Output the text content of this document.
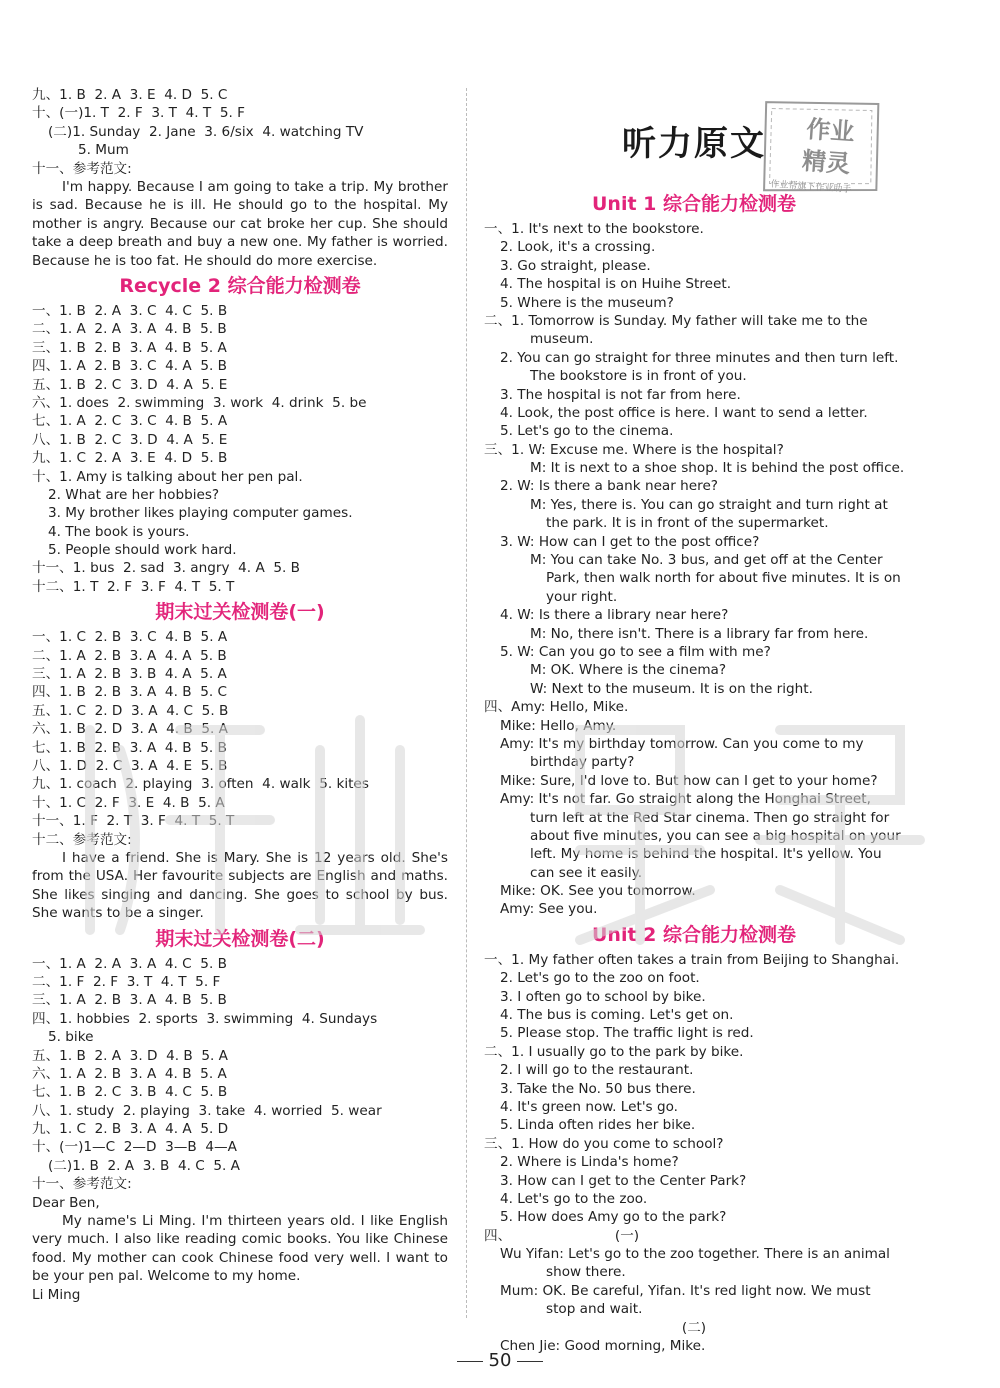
九、1. B  2. A  3. E  4. D  5. C
十、(一)1. T  2. F  3. T  4. T  5. F
(二)1. Sunday  2. Jane  3. 6/six  4. watching TV
5. Mum
十一、参考范文:
I'm happy. Because I am going to take a trip. My brother is sad. Because he is ill. He should go to the hospital. My mother is angry. Because our cat broke her cup. She should take a deep breath and buy a new one. My father is worried. Because he is too fat. He should do more exercise.
Recycle 2 综合能力检测卷
一、1. B  2. A  3. C  4. C  5. B
二、1. A  2. A  3. A  4. B  5. B
三、1. B  2. B  3. A  4. B  5. A
四、1. A  2. B  3. C  4. A  5. B
五、1. B  2. C  3. D  4. A  5. E
六、1. does  2. swimming  3. work  4. drink  5. be
七、1. A  2. C  3. C  4. B  5. A
八、1. B  2. C  3. D  4. A  5. E
九、1. C  2. A  3. E  4. D  5. B
十、1. Amy is talking about her pen pal.
2. What are her hobbies?
3. My brother likes playing computer games.
4. The book is yours.
5. People should work hard.
十一、1. bus  2. sad  3. angry  4. A  5. B
十二、1. T  2. F  3. F  4. T  5. T
期末过关检测卷(一)
一、1. C  2. B  3. C  4. B  5. A
二、1. A  2. B  3. A  4. A  5. B
三、1. A  2. B  3. B  4. A  5. A
四、1. B  2. B  3. A  4. B  5. C
五、1. C  2. D  3. A  4. C  5. B
六、1. B  2. D  3. A  4. B  5. A
七、1. B  2. B  3. A  4. B  5. B
八、1. D  2. C  3. A  4. E  5. B
九、1. coach  2. playing  3. often  4. walk  5. kites
十、1. C  2. F  3. E  4. B  5. A
十一、1. F  2. T  3. F  4. T  5. T
十二、参考范文:
I have a friend. She is Mary. She is 12 years old. She's from the USA. Her favourite subjects are English and maths. She likes singing and dancing. She goes to school by bus. She wants to be a singer.
期末过关检测卷(二)
一、1. A  2. A  3. A  4. C  5. B
二、1. F  2. F  3. T  4. T  5. F
三、1. A  2. B  3. A  4. B  5. B
四、1. hobbies  2. sports  3. swimming  4. Sundays
5. bike
五、1. B  2. A  3. D  4. B  5. A
六、1. A  2. B  3. A  4. B  5. A
七、1. B  2. C  3. B  4. C  5. B
八、1. study  2. playing  3. take  4. worried  5. wear
九、1. C  2. B  3. A  4. A  5. D
十、(一)1—C  2—D  3—B  4—A
(二)1. B  2. A  3. B  4. C  5. A
十一、参考范文:
Dear Ben,
My name's Li Ming. I'm thirteen years old. I like English very much. I also like reading comic books. You like Chinese food. My mother can cook Chinese food very well. I want to be your pen pal. Welcome to my home.
Li Ming
听力原文
Unit 1 综合能力检测卷
一、1. It's next to the bookstore.
2. Look, it's a crossing.
3. Go straight, please.
4. The hospital is on Huihe Street.
5. Where is the museum?
二、1. Tomorrow is Sunday. My father will take me to the
museum.
2. You can go straight for three minutes and then turn left.
The bookstore is in front of you.
3. The hospital is not far from here.
4. Look, the post office is here. I want to send a letter.
5. Let's go to the cinema.
三、1. W: Excuse me. Where is the hospital?
M: It is next to a shoe shop. It is behind the post office.
2. W: Is there a bank near here?
M: Yes, there is. You can go straight and turn right at
the park. It is in front of the supermarket.
3. W: How can I get to the post office?
M: You can take No. 3 bus, and get off at the Center
Park, then walk north for about five minutes. It is on
your right.
4. W: Is there a library near here?
M: No, there isn't. There is a library far from here.
5. W: Can you go to see a film with me?
M: OK. Where is the cinema?
W: Next to the museum. It is on the right.
四、Amy: Hello, Mike.
Mike: Hello, Amy.
Amy: It's my birthday tomorrow. Can you come to my
birthday party?
Mike: Sure, I'd love to. But how can I get to your home?
Amy: It's not far. Go straight along the Honghai Street,
turn left at the Red Star cinema. Then go straight for
about five minutes, you can see a big hospital on your
left. My home is behind the hospital. It's yellow. You
can see it easily.
Mike: OK. See you tomorrow.
Amy: See you.
Unit 2 综合能力检测卷
一、1. My father often takes a train from Beijing to Shanghai.
2. Let's go to the zoo on foot.
3. I often go to school by bike.
4. The bus is coming. Let's get on.
5. Please stop. The traffic light is red.
二、1. I usually go to the park by bike.
2. I will go to the restaurant.
3. Take the No. 50 bus there.
4. It's green now. Let's go.
5. Linda often rides her bike.
三、1. How do you come to school?
2. Where is Linda's home?
3. How can I get to the Center Park?
4. Let's go to the zoo.
5. How does Amy go to the park?
四、                        (一)
Wu Yifan: Let's go to the zoo together. There is an animal
show there.
Mum: OK. Be careful, Yifan. It's red light now. We must
stop and wait.
(二)
Chen Jie: Good morning, Mike.
作业
精灵
作业帮旗下作业助手
50
